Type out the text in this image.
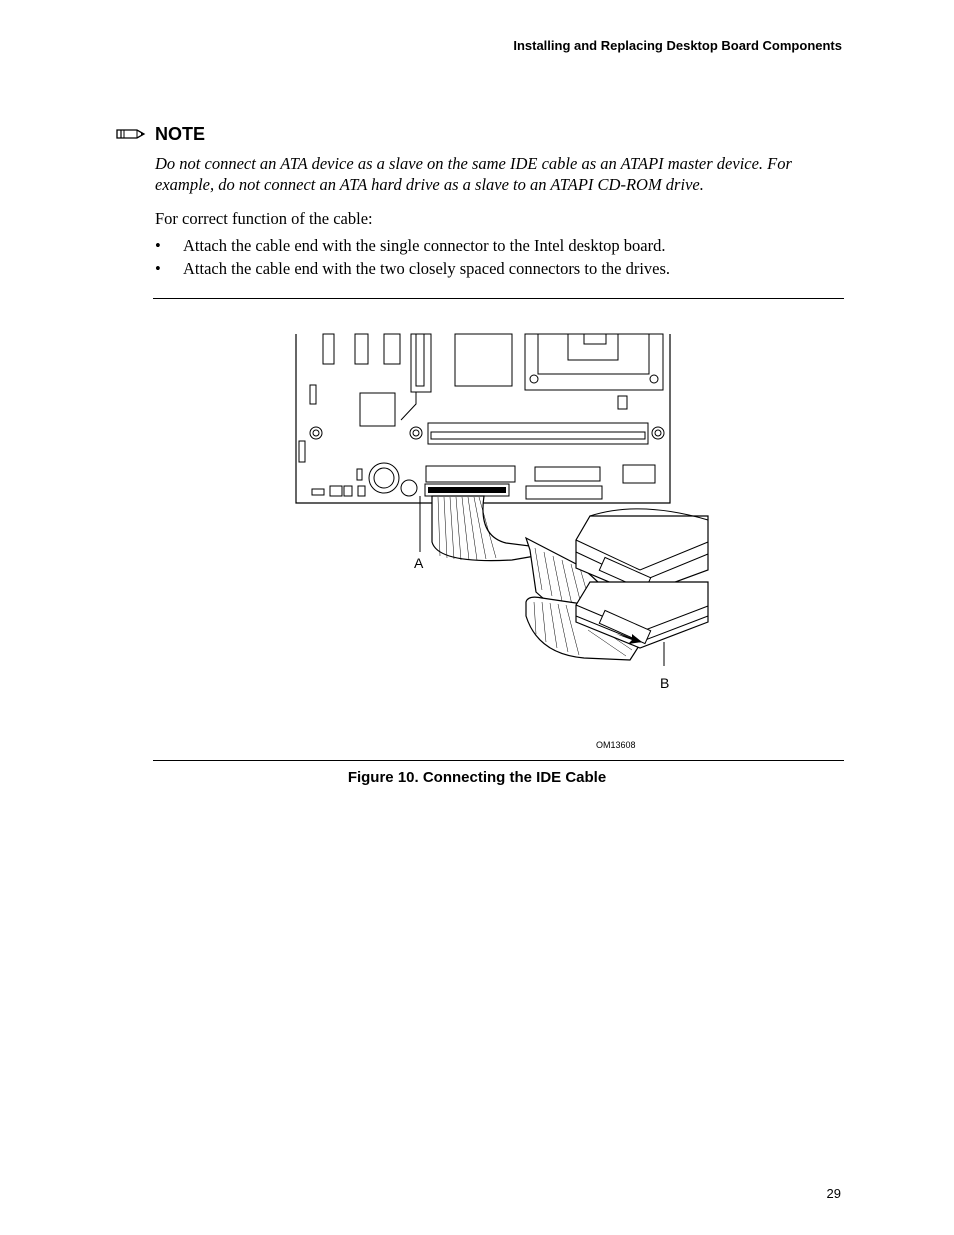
Installing and Replacing Desktop Board Components
NOTE

Do not connect an ATA device as a slave on the same IDE cable as an ATAPI master device. For example, do not connect an ATA hard drive as a slave to an ATAPI CD-ROM drive.

For correct function of the cable:
• Attach the cable end with the single connector to the Intel desktop board.
• Attach the cable end with the two closely spaced connectors to the drives.
A
B
OM13608
Figure 10. Connecting the IDE Cable
29
